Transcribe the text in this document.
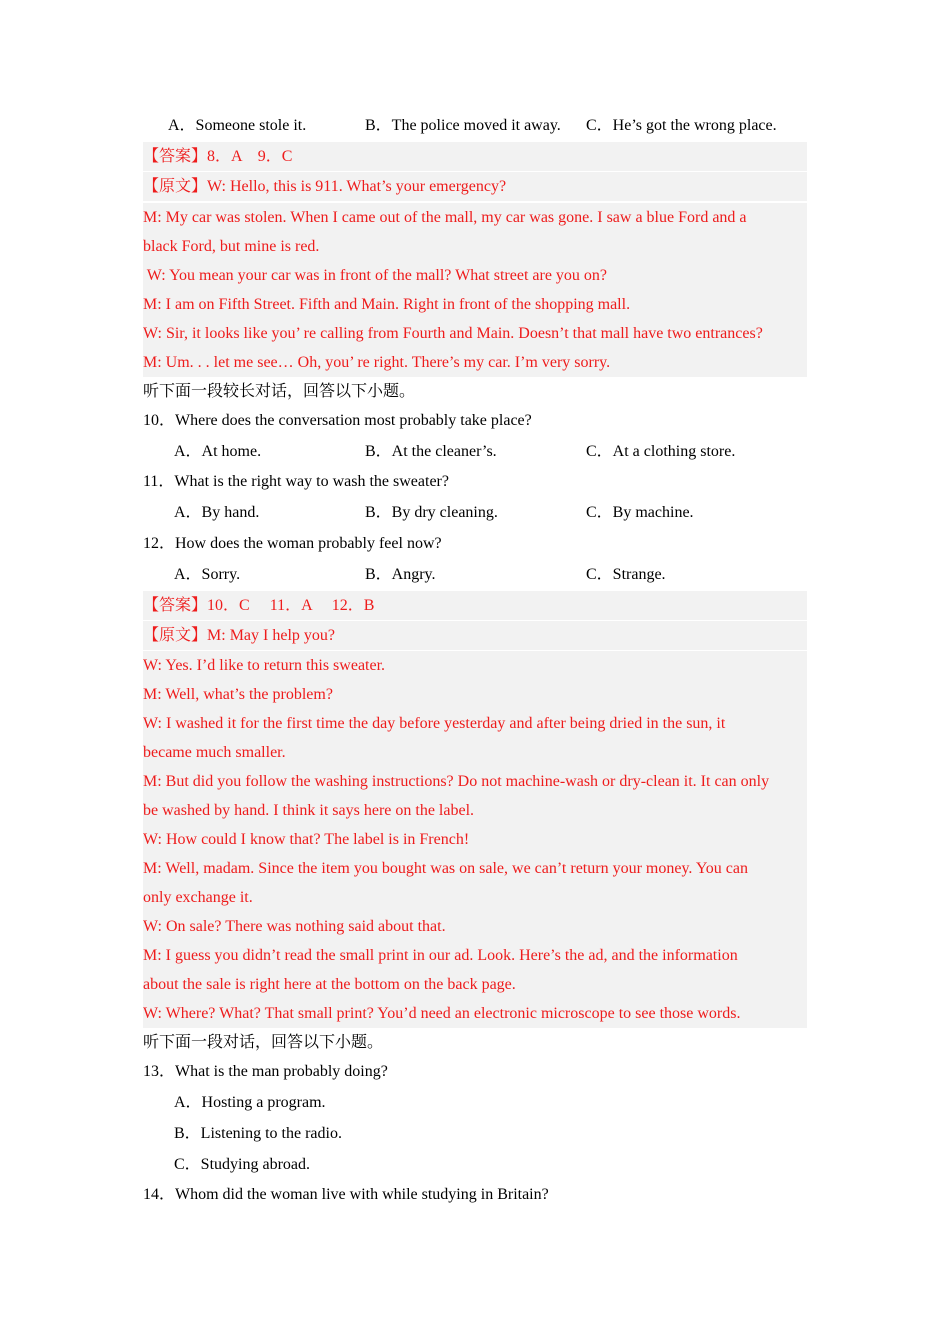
A．Someone stole it.	B．The police moved it away. C．He’s got the wrong place.
【答案】8．A　9．C
【原文】W: Hello, this is 911. What’s your emergency?
M: My car was stolen. When I came out of the mall, my car was gone. I saw a blue Ford and a
black Ford, but mine is red.
W: You mean your car was in front of the mall? What street are you on?
M: I am on Fifth Street. Fifth and Main. Right in front of the shopping mall.
W: Sir, it looks like you’ re calling from Fourth and Main. Doesn’t that mall have two entrances?
M: Um. . . let me see… Oh, you’ re right. There’s my car. I’m very sorry.
听下面一段较长对话，回答以下小题。
10．Where does the conversation most probably take place?
A．At home.	B．At the cleaner’s.	C．At a clothing store.
11．What is the right way to wash the sweater?
A．By hand.	B．By dry cleaning.	C．By machine.
12．How does the woman probably feel now?
A．Sorry.	B．Angry.	C．Strange.
【答案】10．C　 11．A　 12．B
【原文】M: May I help you?
W: Yes. I’d like to return this sweater.
M: Well, what’s the problem?
W: I washed it for the first time the day before yesterday and after being dried in the sun, it
became much smaller.
M: But did you follow the washing instructions? Do not machine-wash or dry-clean it. It can only
be washed by hand. I think it says here on the label.
W: How could I know that? The label is in French!
M: Well, madam. Since the item you bought was on sale, we can’t return your money. You can
only exchange it.
W: On sale? There was nothing said about that.
M: I guess you didn’t read the small print in our ad. Look. Here’s the ad, and the information
about the sale is right here at the bottom on the back page.
W: Where? What? That small print? You’d need an electronic microscope to see those words.
听下面一段对话，回答以下小题。
13．What is the man probably doing?
A．Hosting a program.
B．Listening to the radio.
C．Studying abroad.
14．Whom did the woman live with while studying in Britain?
